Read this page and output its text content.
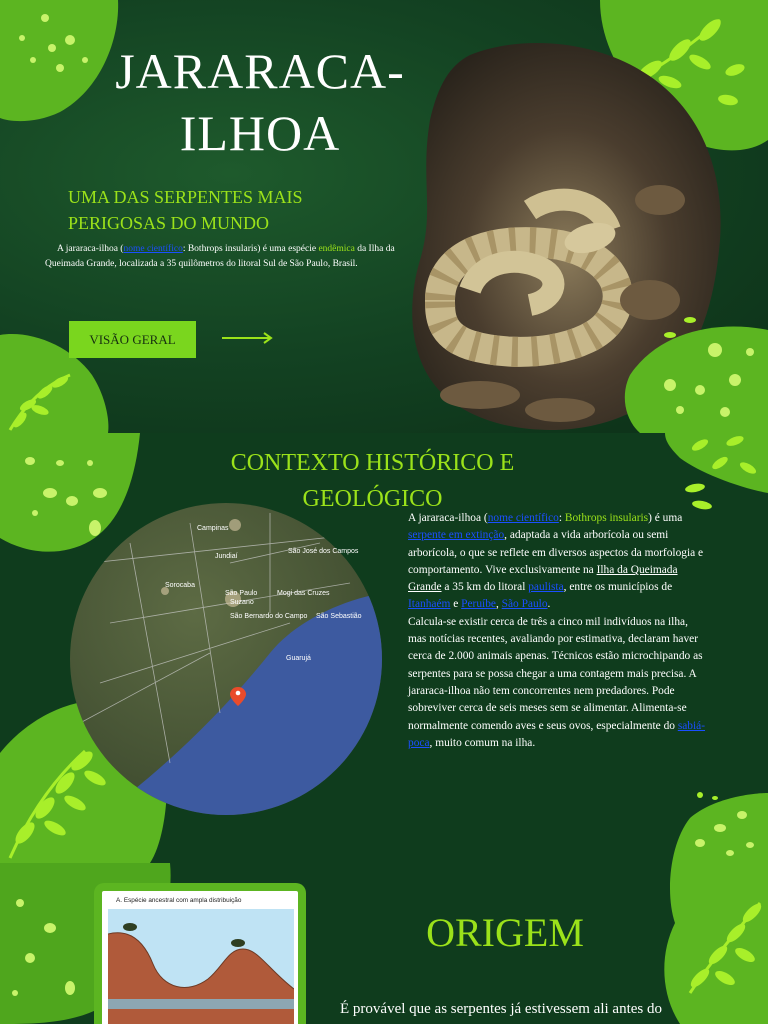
JARARACA-
ILHOA
UMA DAS SERPENTES MAIS PERIGOSAS DO MUNDO
A jararaca-ilhoa (nome científico: Bothrops insularis) é uma espécie endêmica da Ilha da Queimada Grande, localizada a 35 quilômetros do litoral Sul de São Paulo, Brasil.
VISÃO GERAL
CONTEXTO HISTÓRICO E GEOLÓGICO
Campinas
Jundiaí
São José dos Campos
Sorocaba
São Paulo
Suzano
Mogi das Cruzes
São Bernardo do Campo
Guarujá
São Sebastião
A jararaca-ilhoa (nome científico: Bothrops insularis) é uma serpente em extinção, adaptada a vida arborícola ou semi arborícola, o que se reflete em diversos aspectos da morfologia e comportamento. Vive exclusivamente na Ilha da Queimada Grande a 35 km do litoral paulista, entre os municípios de Itanhaém e Peruíbe, São Paulo.
Calcula-se existir cerca de três a cinco mil indivíduos na ilha, mas notícias recentes, avaliando por estimativa, declaram haver cerca de 2.000 animais apenas. Técnicos estão microchipando as serpentes para se possa chegar a uma contagem mais precisa. A jararaca-ilhoa não tem concorrentes nem predadores. Pode sobreviver cerca de seis meses sem se alimentar. Alimenta-se normalmente comendo aves e seus ovos, especialmente do sabiá-poca, muito comum na ilha.
A. Espécie ancestral com ampla distribuição
ORIGEM
É provável que as serpentes já estivessem ali antes do
